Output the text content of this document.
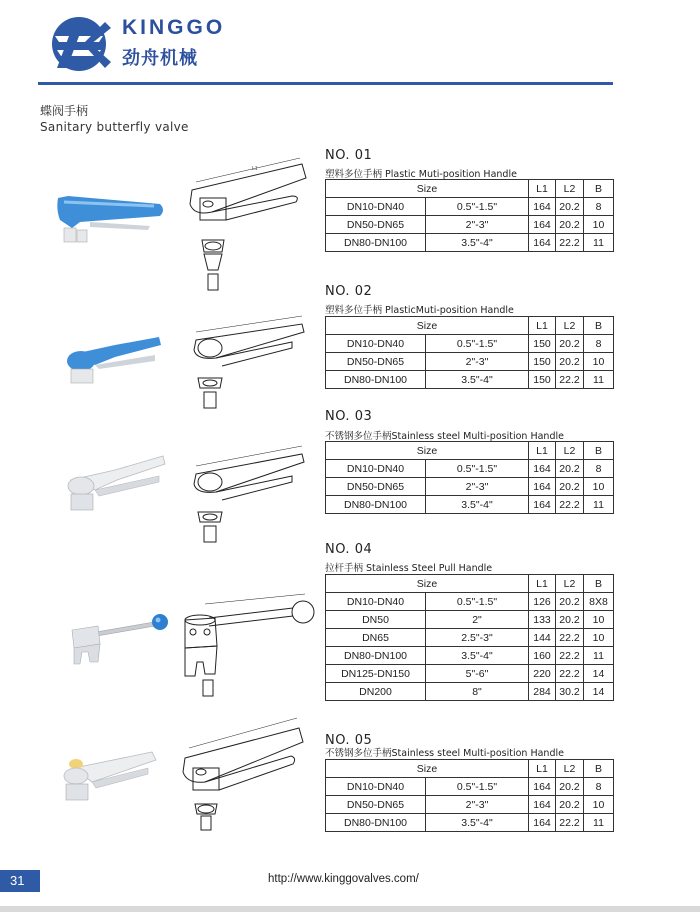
KINGGO
劲舟机械
蝶阀手柄
Sanitary butterfly valve
L1
NO. 01
塑料多位手柄 Plastic Muti-position Handle
Size		L1	L2	B
DN10-DN40	0.5"-1.5"	164	20.2	8
DN50-DN65	2"-3"	164	20.2	10
DN80-DN100	3.5"-4"	164	22.2	11
NO. 02
塑料多位手柄 PlasticMuti-position Handle
Size		L1	L2	B
DN10-DN40	0.5"-1.5"	150	20.2	8
DN50-DN65	2"-3"	150	20.2	10
DN80-DN100	3.5"-4"	150	22.2	11
NO. 03
不锈钢多位手柄Stainless steel Multi-position Handle
Size		L1	L2	B
DN10-DN40	0.5"-1.5"	164	20.2	8
DN50-DN65	2"-3"	164	20.2	10
DN80-DN100	3.5"-4"	164	22.2	11
NO. 04
拉杆手柄 Stainless Steel Pull Handle
Size		L1	L2	B
DN10-DN40	0.5"-1.5"	126	20.2	8X8
DN50	2"	133	20.2	10
DN65	2.5"-3"	144	22.2	10
DN80-DN100	3.5"-4"	160	22.2	11
DN125-DN150	5"-6"	220	22.2	14
DN200	8"	284	30.2	14
NO. 05
不锈钢多位手柄Stainless steel Multi-position Handle
Size		L1	L2	B
DN10-DN40	0.5"-1.5"	164	20.2	8
DN50-DN65	2"-3"	164	20.2	10
DN80-DN100	3.5"-4"	164	22.2	11
31	http://www.kinggovalves.com/
